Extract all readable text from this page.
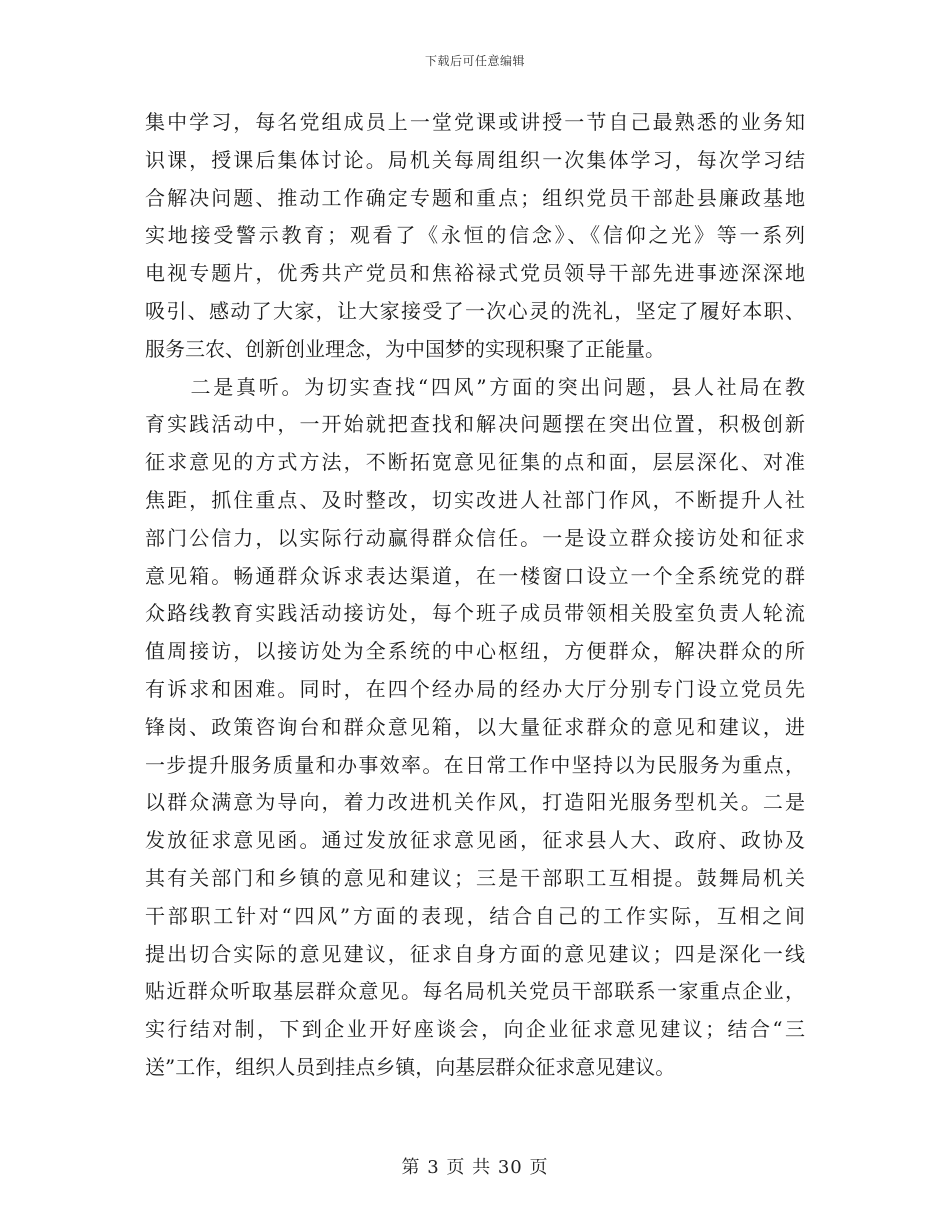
下载后可任意编辑
集中学习，每名党组成员上一堂党课或讲授一节自己最熟悉的业务知
识课，授课后集体讨论。局机关每周组织一次集体学习，每次学习结
合解决问题、推动工作确定专题和重点；组织党员干部赴县廉政基地
实地接受警示教育；观看了《永恒的信念》、《信仰之光》等一系列
电视专题片，优秀共产党员和焦裕禄式党员领导干部先进事迹深深地
吸引、感动了大家，让大家接受了一次心灵的洗礼，坚定了履好本职、
服务三农、创新创业理念，为中国梦的实现积聚了正能量。
　　二是真听。为切实查找“四风”方面的突出问题，县人社局在教
育实践活动中，一开始就把查找和解决问题摆在突出位置，积极创新
征求意见的方式方法，不断拓宽意见征集的点和面，层层深化、对准
焦距，抓住重点、及时整改，切实改进人社部门作风，不断提升人社
部门公信力，以实际行动赢得群众信任。一是设立群众接访处和征求
意见箱。畅通群众诉求表达渠道，在一楼窗口设立一个全系统党的群
众路线教育实践活动接访处，每个班子成员带领相关股室负责人轮流
值周接访，以接访处为全系统的中心枢纽，方便群众，解决群众的所
有诉求和困难。同时，在四个经办局的经办大厅分别专门设立党员先
锋岗、政策咨询台和群众意见箱，以大量征求群众的意见和建议，进
一步提升服务质量和办事效率。在日常工作中坚持以为民服务为重点，
以群众满意为导向，着力改进机关作风，打造阳光服务型机关。二是
发放征求意见函。通过发放征求意见函，征求县人大、政府、政协及
其有关部门和乡镇的意见和建议；三是干部职工互相提。鼓舞局机关
干部职工针对“四风”方面的表现，结合自己的工作实际，互相之间
提出切合实际的意见建议，征求自身方面的意见建议；四是深化一线
贴近群众听取基层群众意见。每名局机关党员干部联系一家重点企业，
实行结对制，下到企业开好座谈会，向企业征求意见建议；结合“三
送”工作，组织人员到挂点乡镇，向基层群众征求意见建议。
第 3 页 共 30 页
